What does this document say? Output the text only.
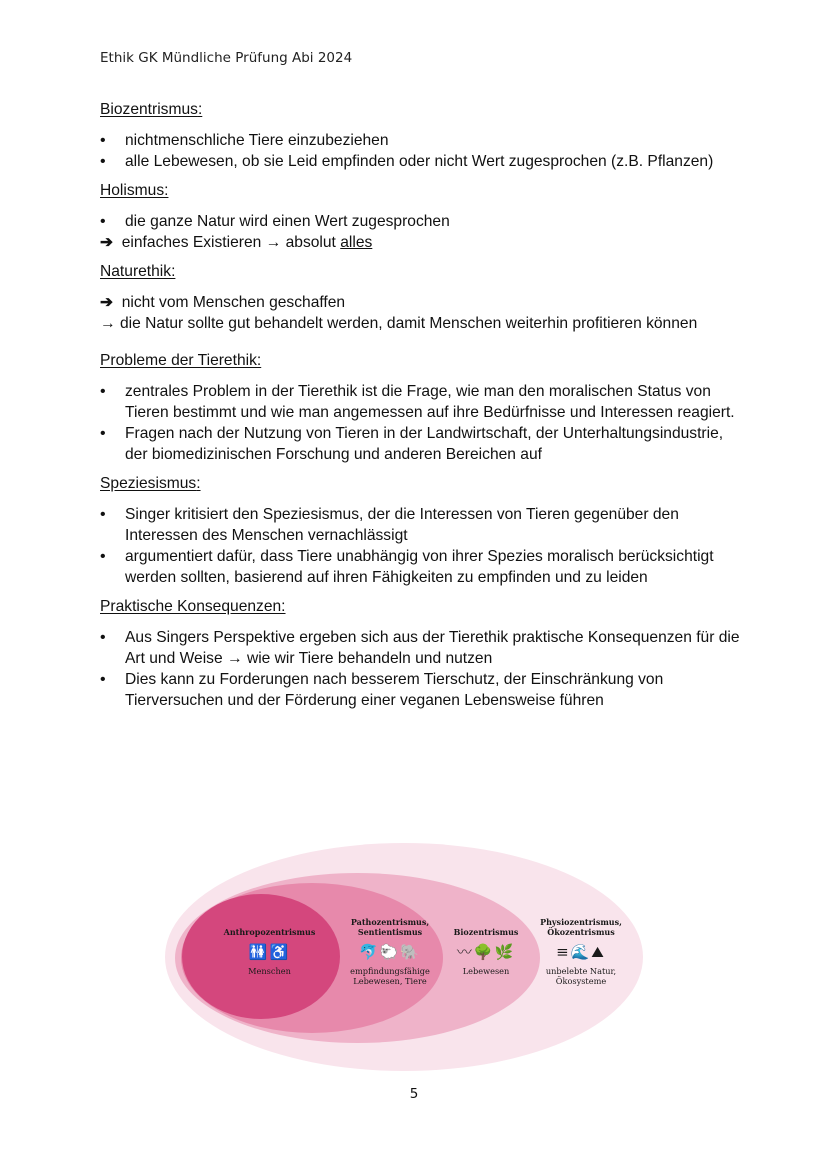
Ethik GK Mündliche Prüfung Abi 2024

Biozentrismus:

• nichtmenschliche Tiere einzubeziehen
• alle Lebewesen, ob sie Leid empfinden oder nicht Wert zugesprochen (z.B. Pflanzen)

Holismus:

• die ganze Natur wird einen Wert zugesprochen

➔ einfaches Existieren → absolut alles

Naturethik:

➔ nicht vom Menschen geschaffen
→ die Natur sollte gut behandelt werden, damit Menschen weiterhin profitieren können

Probleme der Tierethik:

• zentrales Problem in der Tierethik ist die Frage, wie man den moralischen Status von Tieren bestimmt und wie man angemessen auf ihre Bedürfnisse und Interessen reagiert.
• Fragen nach der Nutzung von Tieren in der Landwirtschaft, der Unterhaltungsindustrie, der biomedizinischen Forschung und anderen Bereichen auf

Speziesismus:

• Singer kritisiert den Speziesismus, der die Interessen von Tieren gegenüber den Interessen des Menschen vernachlässigt
• argumentiert dafür, dass Tiere unabhängig von ihrer Spezies moralisch berücksichtigt werden sollten, basierend auf ihren Fähigkeiten zu empfinden und zu leiden

Praktische Konsequenzen:

• Aus Singers Perspektive ergeben sich aus der Tierethik praktische Konsequenzen für die Art und Weise → wie wir Tiere behandeln und nutzen
• Dies kann zu Forderungen nach besserem Tierschutz, der Einschränkung von Tierversuchen und der Förderung einer veganen Lebensweise führen
Anthropozentrismus
🚻♿
Menschen
Pathozentrismus, Sentientismus
🐬🐑🐘
empfindungsfähige Lebewesen, Tiere
Biozentrismus
〰🌳🌿
Lebewesen
Physiozentrismus, Ökozentrismus
≡🌊⛰
unbelebte Natur, Ökosysteme
5
